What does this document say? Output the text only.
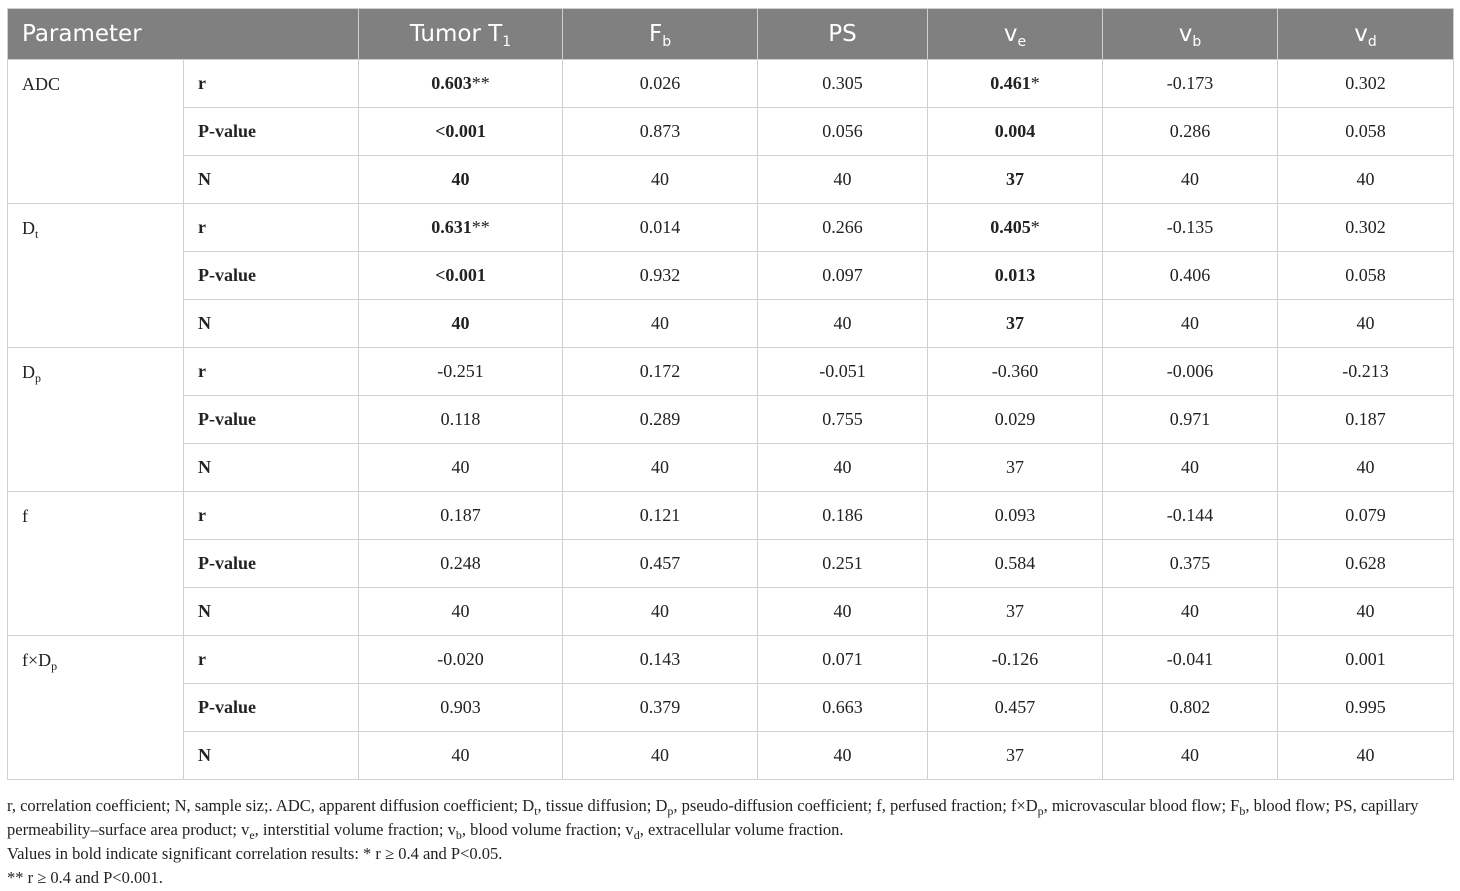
Parameter		Tumor $T_1$	$F_b$	PS	$v_e$	$v_b$	$v_d$
ADC	r	0.603**	0.026	0.305	0.461*	-0.173	0.302
	P-value	<0.001	0.873	0.056	0.004	0.286	0.058
	N	40	40	40	37	40	40
$D_t$	r	0.631**	0.014	0.266	0.405*	-0.135	0.302
	P-value	<0.001	0.932	0.097	0.013	0.406	0.058
	N	40	40	40	37	40	40
$D_p$	r	-0.251	0.172	-0.051	-0.360	-0.006	-0.213
	P-value	0.118	0.289	0.755	0.029	0.971	0.187
	N	40	40	40	37	40	40
f	r	0.187	0.121	0.186	0.093	-0.144	0.079
	P-value	0.248	0.457	0.251	0.584	0.375	0.628
	N	40	40	40	37	40	40
$f\times D_p$	r	-0.020	0.143	0.071	-0.126	-0.041	0.001
	P-value	0.903	0.379	0.663	0.457	0.802	0.995
	N	40	40	40	37	40	40

r, correlation coefficient; N, sample siz;. ADC, apparent diffusion coefficient; $D_t$, tissue diffusion; $D_p$, pseudo-diffusion coefficient; f, perfused fraction; $f\times D_p$, microvascular blood flow; $F_b$, blood flow; PS, capillary permeability–surface area product; $v_e$, interstitial volume fraction; $v_b$, blood volume fraction; $v_d$, extracellular volume fraction.

Values in bold indicate significant correlation results: * r ≥ 0.4 and P<0.05.

** r ≥ 0.4 and P<0.001.
